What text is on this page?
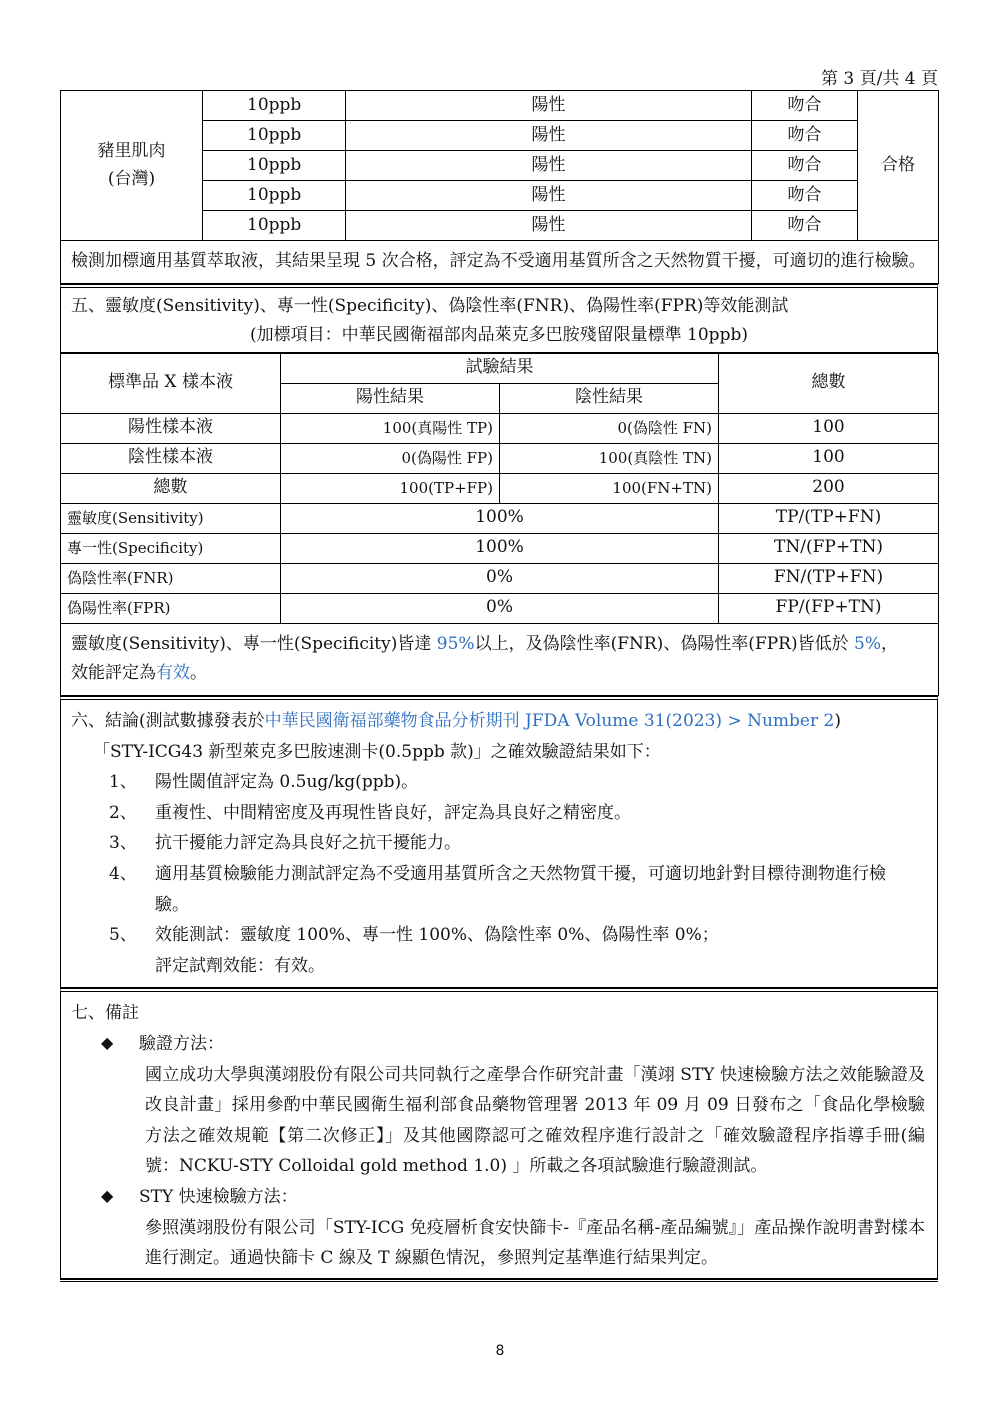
第 3 頁/共 4 頁
豬里肌肉
(台灣)	10ppb	陽性	吻合	合格
	10ppb	陽性	吻合	
	10ppb	陽性	吻合	
	10ppb	陽性	吻合	
	10ppb	陽性	吻合	
檢測加標適用基質萃取液，其結果呈現 5 次合格，評定為不受適用基質所含之天然物質干擾，可適切的進行檢驗。				
五、靈敏度(Sensitivity)、專一性(Specificity)、偽陰性率(FNR)、偽陽性率(FPR)等效能測試
(加標項目：中華民國衛福部肉品萊克多巴胺殘留限量標準 10ppb)
標準品 X 樣本液	試驗結果		總數
	陽性結果	陰性結果	
陽性樣本液	100(真陽性 TP)	0(偽陰性 FN)	100
陰性樣本液	0(偽陽性 FP)	100(真陰性 TN)	100
總數	100(TP+FP)	100(FN+TN)	200
靈敏度(Sensitivity)	100%		TP/(TP+FN)
專一性(Specificity)	100%		TN/(FP+TN)
偽陰性率(FNR)	0%		FN/(TP+FN)
偽陽性率(FPR)	0%		FP/(FP+TN)
靈敏度(Sensitivity)、專一性(Specificity)皆達 95%以上，及偽陰性率(FNR)、偽陽性率(FPR)皆低於 5%，
效能評定為有效。			
六、結論(測試數據發表於中華民國衛福部藥物食品分析期刊 JFDA Volume 31(2023) > Number 2)
「STY-ICG43 新型萊克多巴胺速測卡(0.5ppb 款)」之確效驗證結果如下：
1、	陽性閾值評定為 0.5ug/kg(ppb)。
2、	重複性、中間精密度及再現性皆良好，評定為具良好之精密度。
3、	抗干擾能力評定為具良好之抗干擾能力。
4、	適用基質檢驗能力測試評定為不受適用基質所含之天然物質干擾，可適切地針對目標待測物進行檢驗。
5、	效能測試：靈敏度 100%、專一性 100%、偽陰性率 0%、偽陽性率 0%；
評定試劑效能：有效。
七、備註
◆	驗證方法：
國立成功大學與漢翊股份有限公司共同執行之產學合作研究計畫「漢翊 STY 快速檢驗方法之效能驗證及改良計畫」採用參酌中華民國衛生福利部食品藥物管理署 2013 年 09 月 09 日發布之「食品化學檢驗方法之確效規範【第二次修正】」及其他國際認可之確效程序進行設計之「確效驗證程序指導手冊(編號：NCKU-STY Colloidal gold method 1.0) 」所載之各項試驗進行驗證測試。
◆	STY 快速檢驗方法：
參照漢翊股份有限公司「STY-ICG 免疫層析食安快篩卡-『產品名稱-產品編號』」產品操作說明書對樣本進行測定。通過快篩卡 C 線及 T 線顯色情況，參照判定基準進行結果判定。
8
